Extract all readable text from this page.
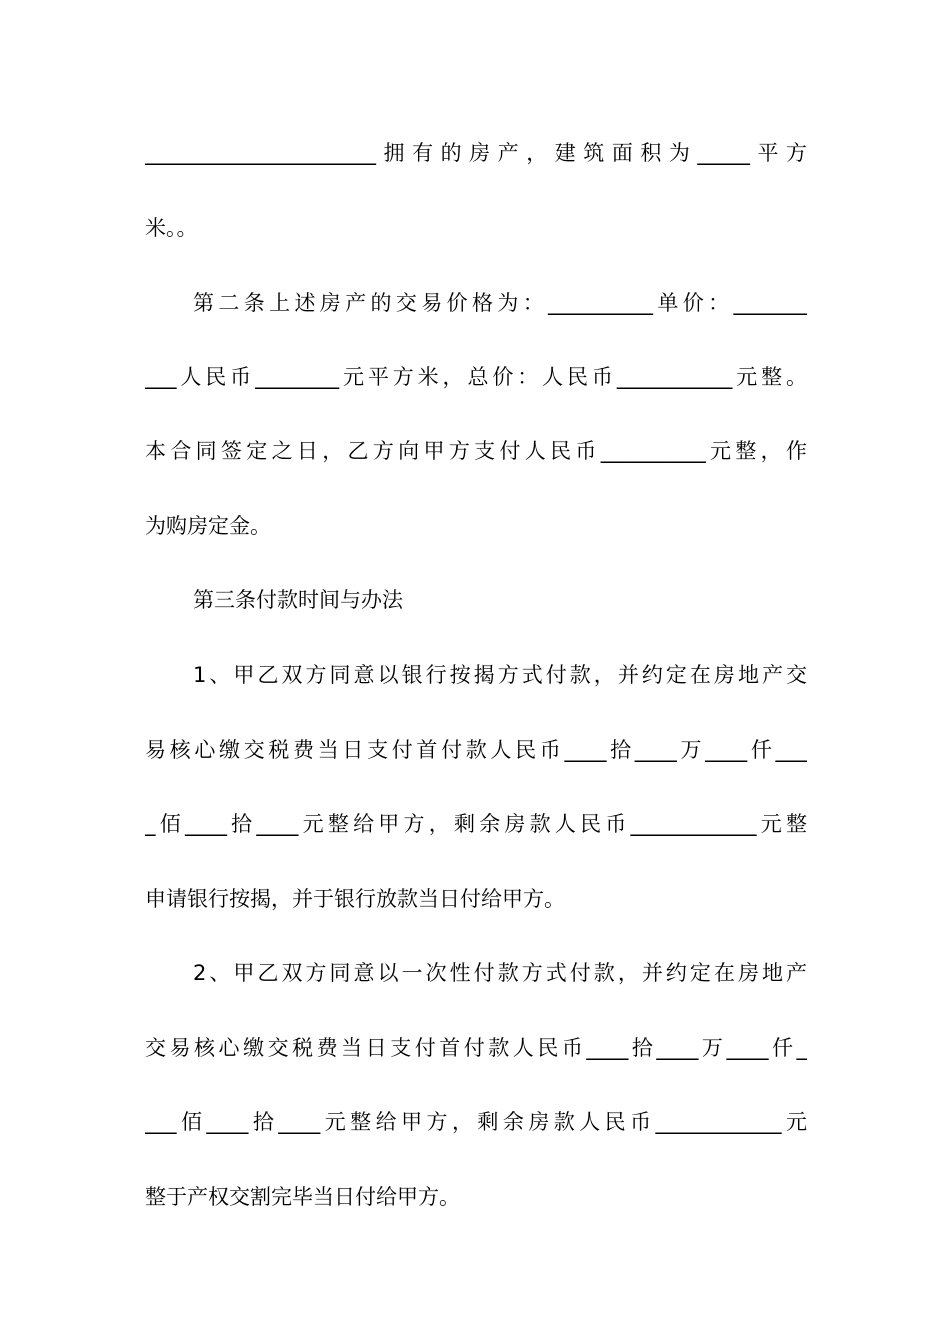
______________________拥有的房产，建筑面积为_____平方
米。。
第二条上述房产的交易价格为：__________单价：_______
___人民币________元平方米，总价：人民币___________元整。
本合同签定之日，乙方向甲方支付人民币__________元整，作
为购房定金。
第三条付款时间与办法
1、甲乙双方同意以银行按揭方式付款，并约定在房地产交
易核心缴交税费当日支付首付款人民币____拾____万____仟___
_佰____拾____元整给甲方，剩余房款人民币____________元整
申请银行按揭，并于银行放款当日付给甲方。
2、甲乙双方同意以一次性付款方式付款，并约定在房地产
交易核心缴交税费当日支付首付款人民币____拾____万____仟_
___佰____拾____元整给甲方，剩余房款人民币____________元
整于产权交割完毕当日付给甲方。
